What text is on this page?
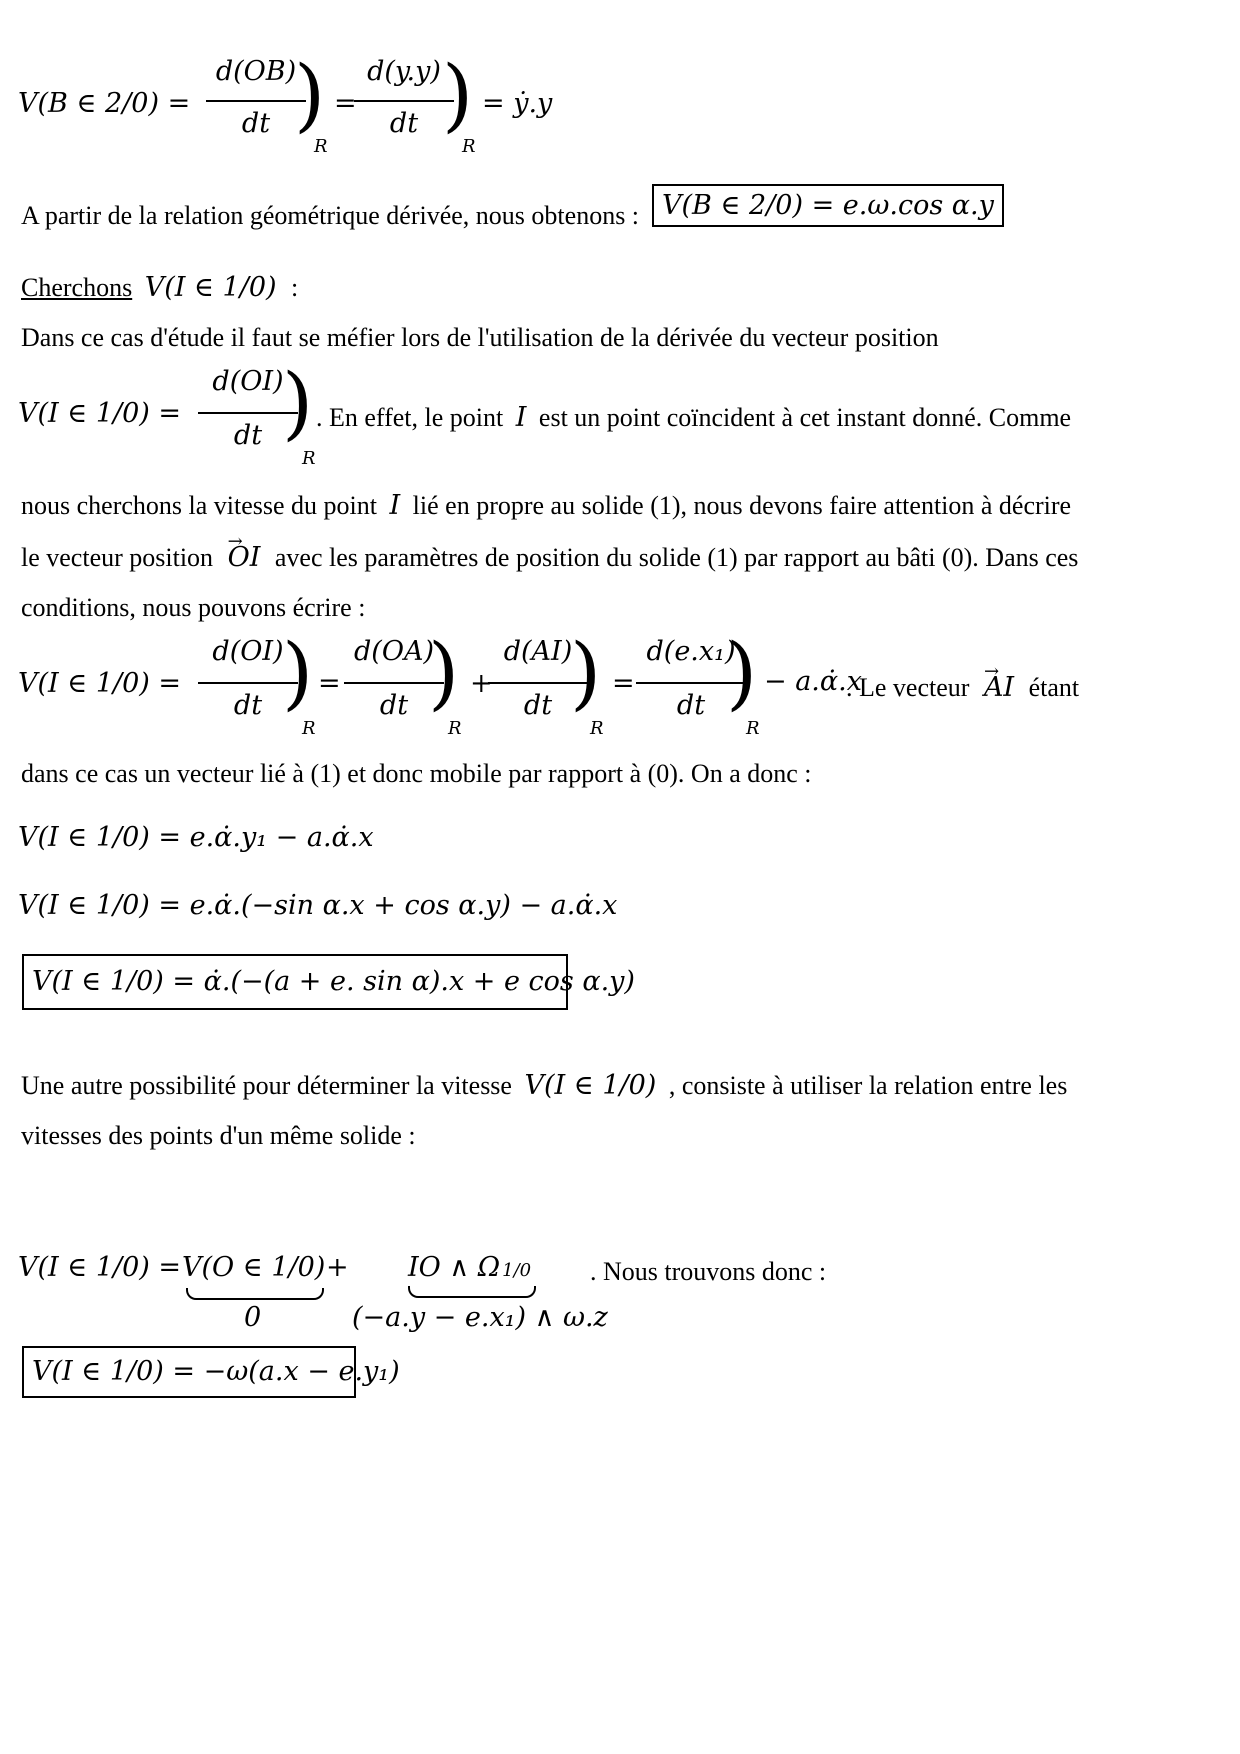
V(B ∈ 2/0) =
d(OB)
dt )
R
=
d(y.y)
dt )
R
= ẏ.y
A partir de la relation géométrique dérivée, nous obtenons : V(B ∈ 2/0) = e.ω.cos α.y
Cherchons V(I ∈ 1/0) :
Dans ce cas d'étude il faut se méfier lors de l'utilisation de la dérivée du vecteur position
V(I ∈ 1/0) =
d(OI)
dt )
R
. En effet, le point I est un point coïncident à cet instant donné. Comme
nous cherchons la vitesse du point I lié en propre au solide (1), nous devons faire attention à décrire
le vecteur position OI → avec les paramètres de position du solide (1) par rapport au bâti (0). Dans ces
conditions, nous pouvons écrire :
V(I ∈ 1/0) =
d(OI)
dt )
R
=
d(OA)
dt )
R
+
d(AI)
dt )
R
=
d(e.x₁)
dt )
R
− a.α̇.x
. Le vecteur AI → étant
dans ce cas un vecteur lié à (1) et donc mobile par rapport à (0). On a donc :
V(I ∈ 1/0) = e.α̇.y₁ − a.α̇.x
V(I ∈ 1/0) = e.α̇.(−sin α.x + cos α.y) − a.α̇.x
V(I ∈ 1/0) = α̇.(−(a + e. sin α).x + e cos α.y)
Une autre possibilité pour déterminer la vitesse V(I ∈ 1/0) , consiste à utiliser la relation entre les
vitesses des points d'un même solide :
V(I ∈ 1/0) = V(O ∈ 1/0)
0
+ IO ∧ Ω 1/0
(−a.y − e.x₁) ∧ ω.z
. Nous trouvons donc :
V(I ∈ 1/0) = −ω(a.x − e.y₁)
